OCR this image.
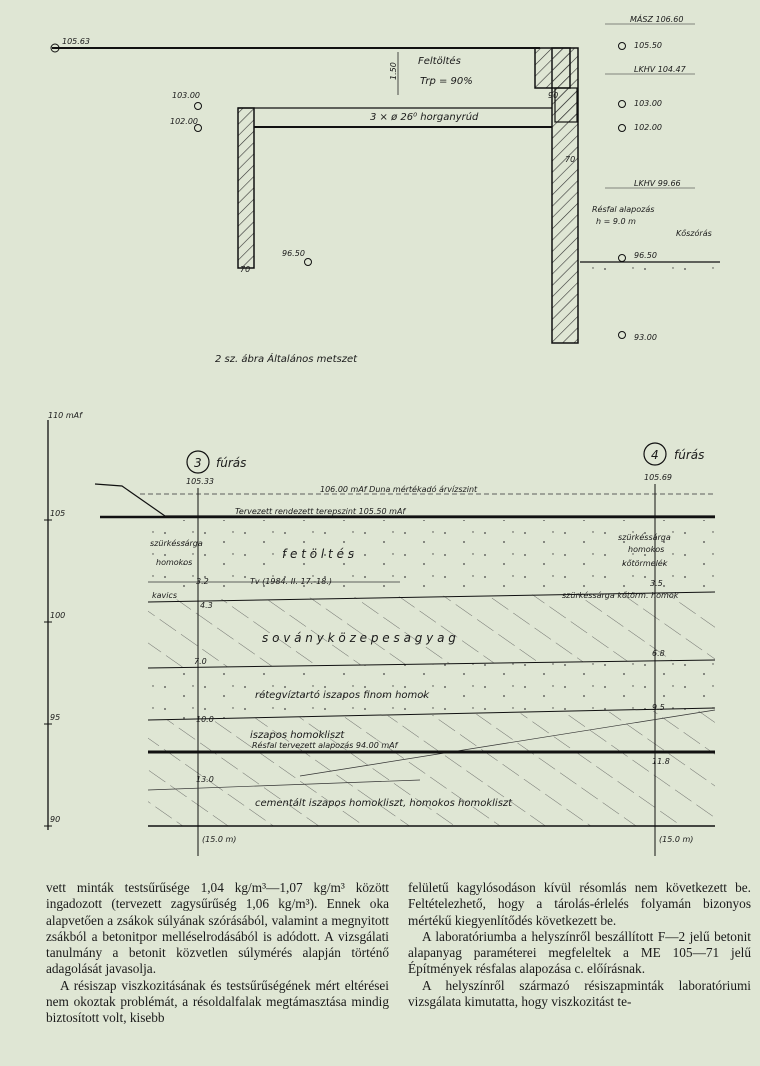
105.63
3 × ø 26⁰ horganyrúd
Feltöltés
Trp = 90%
1.50
90
70
70
103.00
102.00
96.50
MÁSZ 106.60
105.50
LKHV 104.47
103.00
102.00
LKHV 99.66
Résfal alapozás
h = 9.0 m
Kőszórás
96.50
93.00
2 sz. ábra Általános metszet
110 mAf
105
100
95
90
3 fúrás
105.33
4 fúrás
105.69
106.00 mAf Duna mértékadó árvízszint
Tervezett rendezett terepszint 105.50 mAf
szürkéssárga
homokos
f e t ö l t é s
szürkéssárga
homokos
kőtörmelék
3.2	Tv (1984. II. 17.-18.)	3.5
kavics
4.3
szürkéssárga kőtörm. homok
s o v á n y k ö z e p e s a g y a g
7.0
6.8
rétegvíztartó iszapos finom homok
10.0
9.5
iszapos homokliszt
Résfal tervezett alapozás 94.00 mAf
11.8
13.0
cementált iszapos homokliszt, homokos homokliszt
(15.0 m)	(15.0 m)

vett minták testsűrűsége 1,04 kg/m³—1,07 kg/m³ között ingadozott (tervezett zagysűrűség 1,06 kg/m³). Ennek oka alapvetően a zsákok súlyának szórásából, valamint a megnyitott zsákból a betonitpor melléselrodásából is adódott. A vizsgálati tanulmány a betonit közvetlen súlymérés alapján történő adagolását javasolja.

A résiszap viszkozitásának és testsűrűségének mért eltérései nem okoztak problémát, a résoldalfalak megtámasztása mindig biztosított volt, kisebb

felületű kagylósodáson kívül résomlás nem következett be. Feltételezhető, hogy a tárolás-érlelés folyamán bizonyos mértékű kiegyenlítődés következett be.

A laboratóriumba a helyszínről beszállított F—2 jelű betonit alapanyag paraméterei megfeleltek a ME 105—71 jelű Építmények résfalas alapozása c. előírásnak.

A helyszínről származó résiszapminták laboratóriumi vizsgálata kimutatta, hogy viszkozitást te-
